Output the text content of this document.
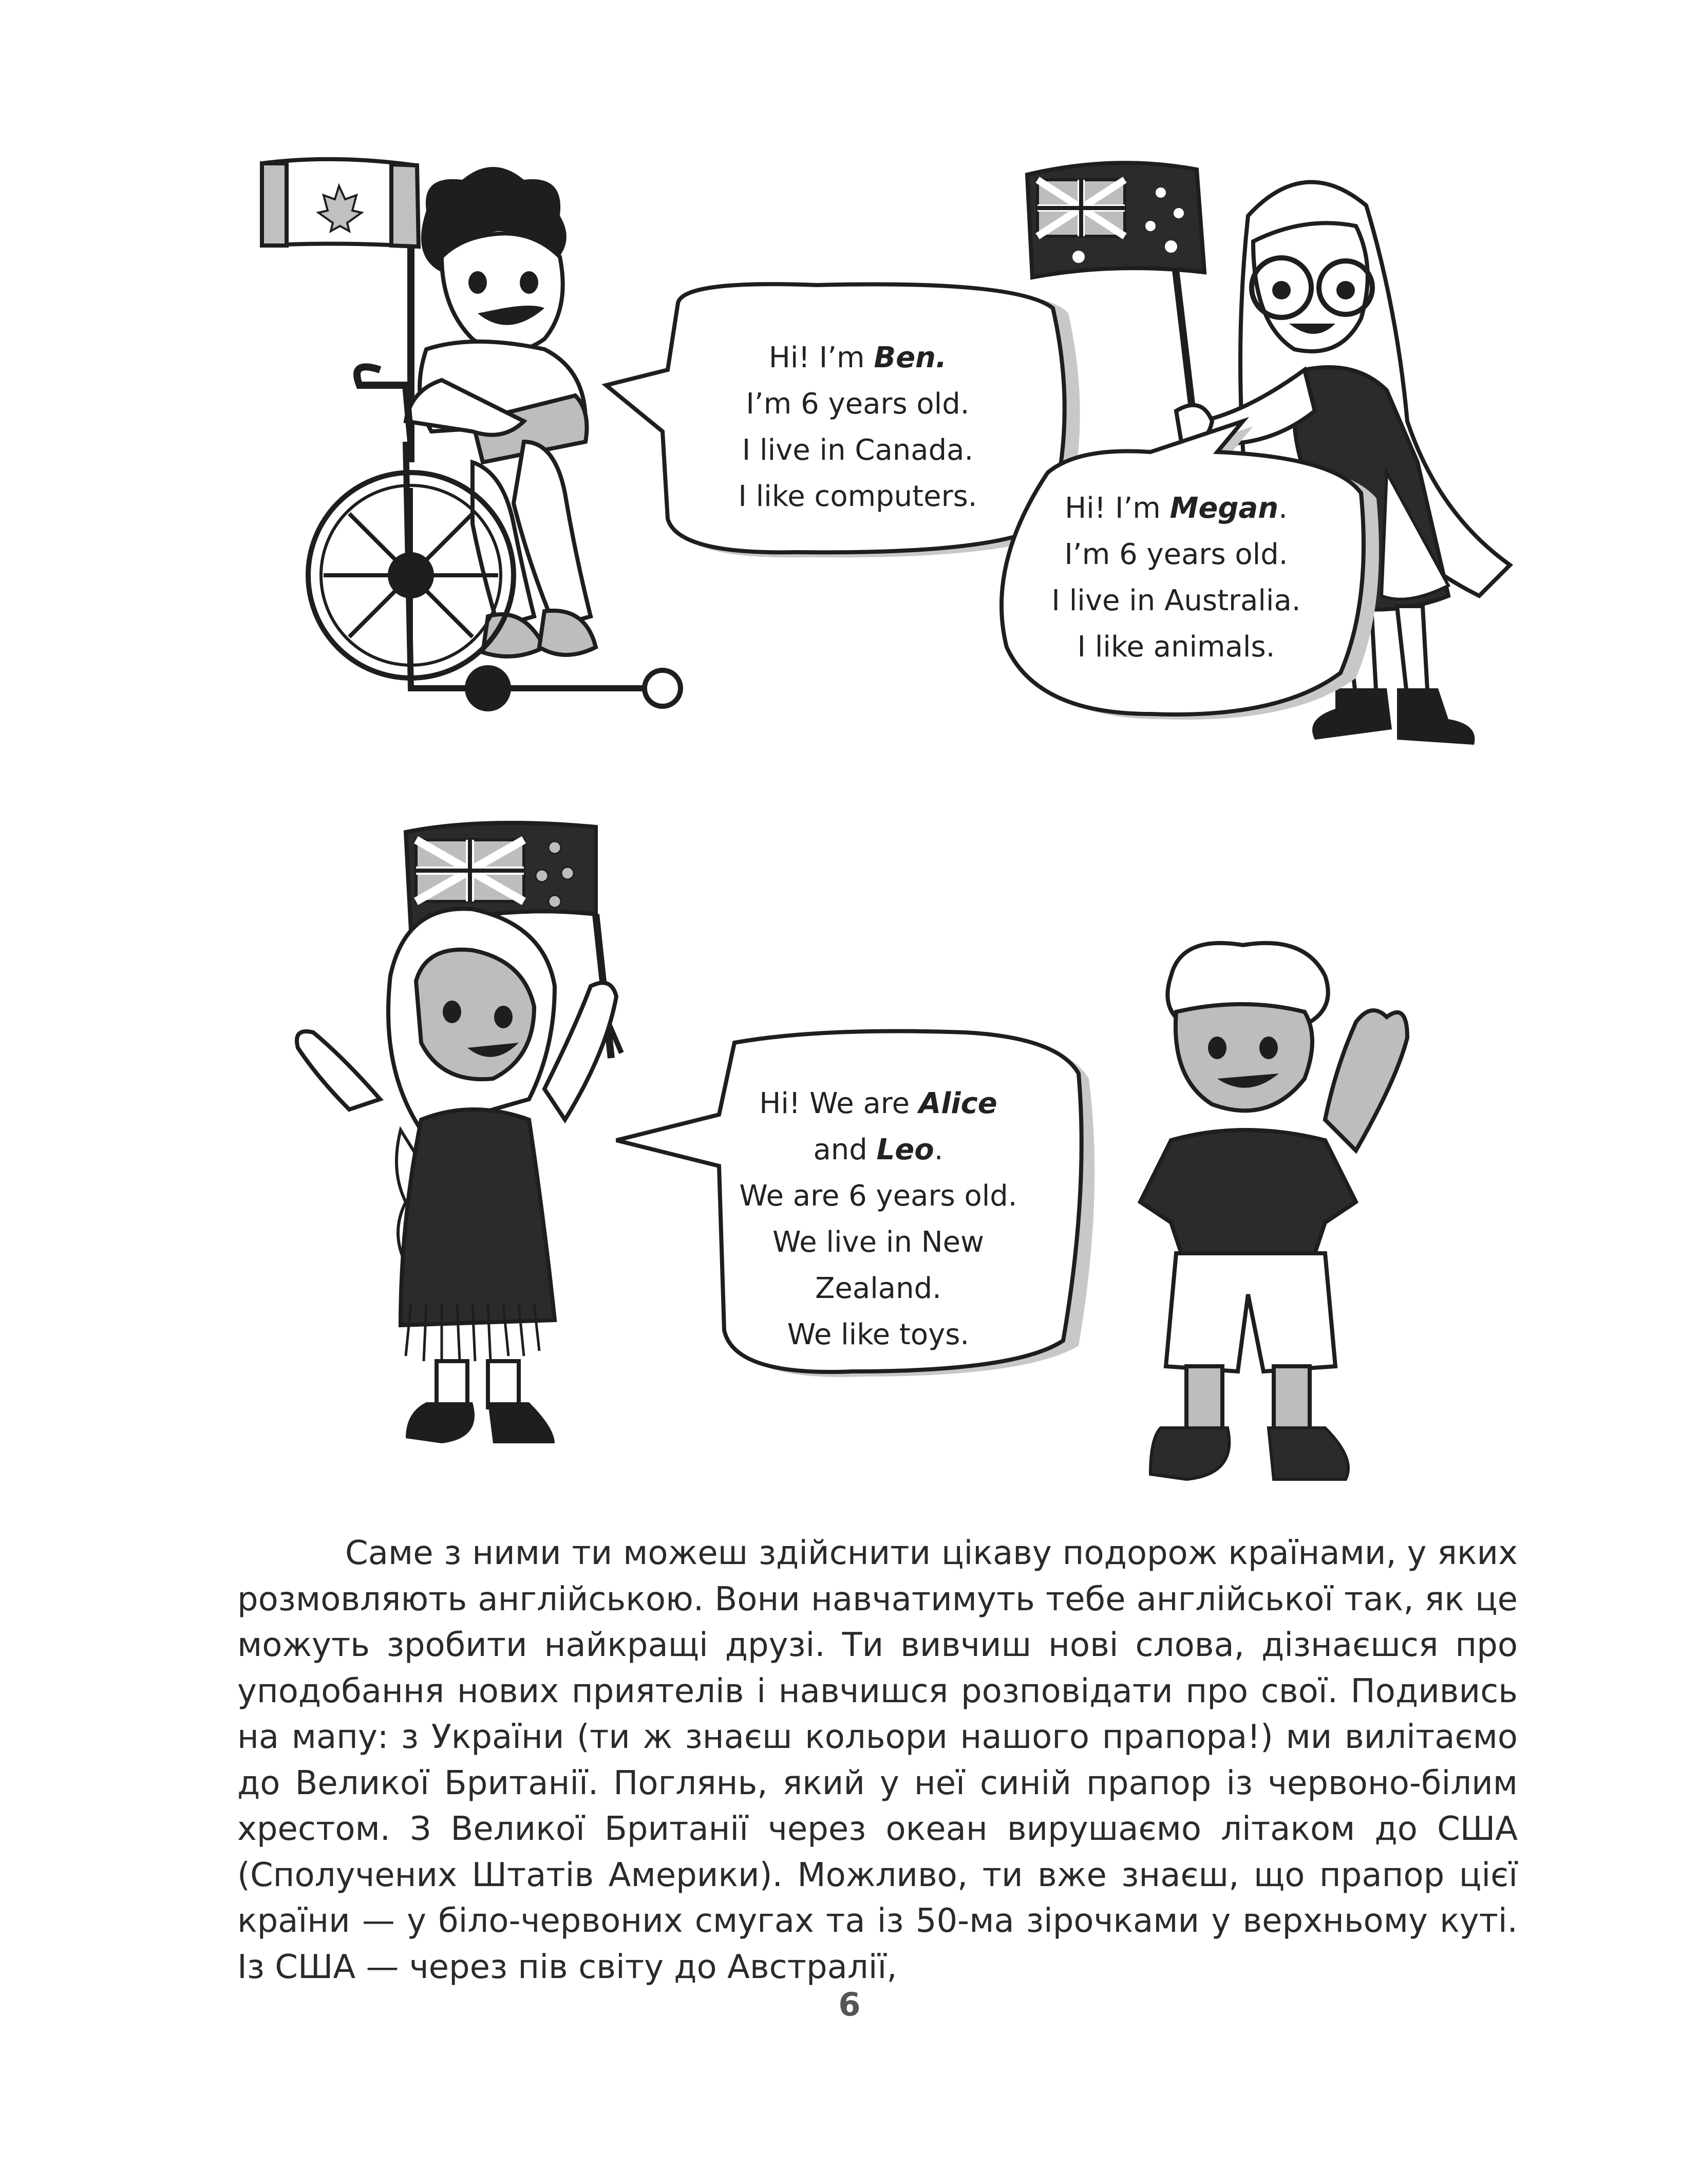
Hi! I’m Ben.
I’m 6 years old.
I live in Canada.
I like computers.	Hi! I’m Megan.
I’m 6 years old.
I live in Australia.
I like animals.
Hi! We are Alice
and Leo.
We are 6 years old.
We live in New Zealand.
We like toys.

Саме з ними ти можеш здійснити цікаву подорож країнами, у яких розмовляють англійською. Вони навчатимуть тебе англійської так, як це можуть зробити найкращі друзі. Ти вивчиш нові слова, дізнаєшся про уподобання нових приятелів і навчишся розповідати про свої. Подивись на мапу: з України (ти ж знаєш кольори нашого прапора!) ми вилітаємо до Великої Британії. Поглянь, який у неї синій прапор із червоно-білим хрестом. З Великої Британії через океан вирушаємо літаком до США (Сполучених Штатів Америки). Можливо, ти вже знаєш, що прапор цієї країни — у біло-червоних смугах та із 50-ма зірочками у верхньому куті. Із США — через пів світу до Австралії,

6
